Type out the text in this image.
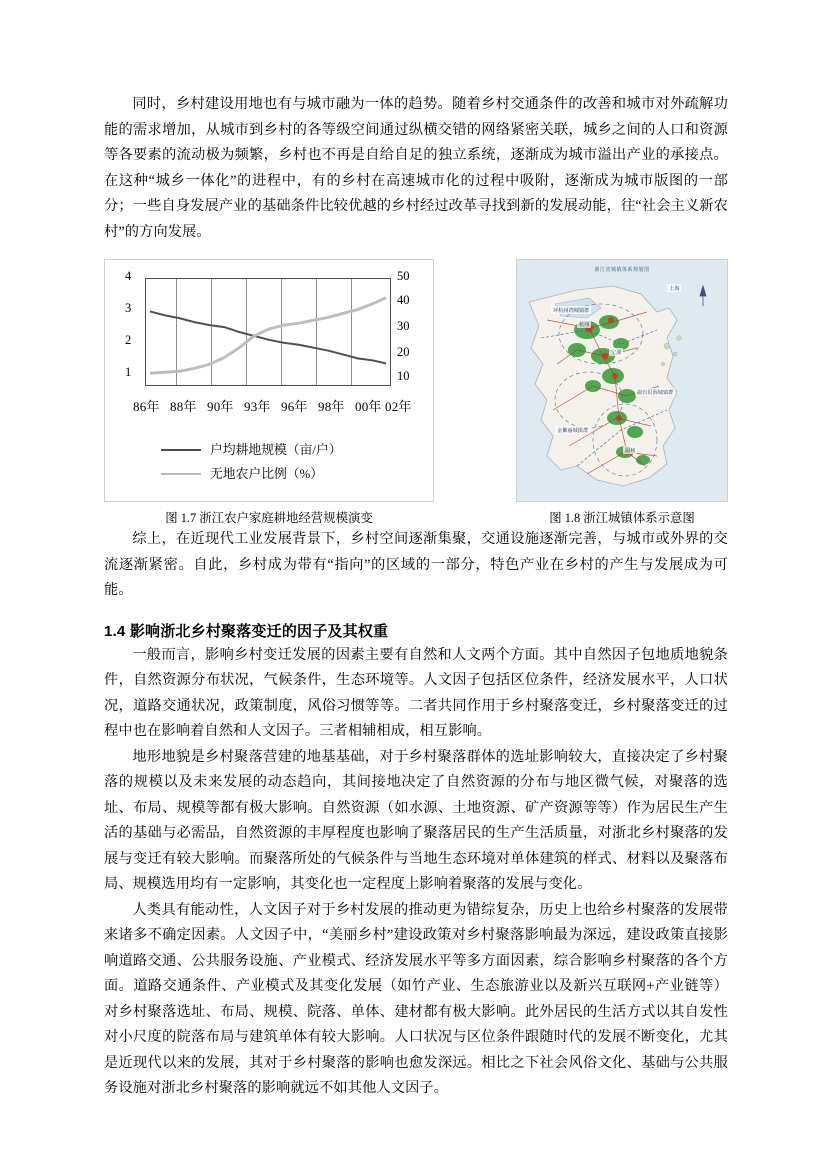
同时，乡村建设用地也有与城市融为一体的趋势。随着乡村交通条件的改善和城市对外疏解功能的需求增加，从城市到乡村的各等级空间通过纵横交错的网络紧密关联，城乡之间的人口和资源等各要素的流动极为频繁，乡村也不再是自给自足的独立系统，逐渐成为城市溢出产业的承接点。在这种“城乡一体化”的进程中，有的乡村在高速城市化的过程中吸附，逐渐成为城市版图的一部分；一些自身发展产业的基础条件比较优越的乡村经过改革寻找到新的发展动能，往“社会主义新农村”的方向发展。

4
3
2
1
50
40
30
20
10
86年 88年 90年 93年 96年 98年 00年 02年
户均耕地规模（亩/户）
无地农户比例（%）
图 1.7 浙江农户家庭耕地经营规模演变
浙江省城镇体系规划图
环杭州湾城镇群
温台沿海城镇群
金衢丽城镇群
上海
杭州
宁波
温州
图 1.8 浙江城镇体系示意图

综上，在近现代工业发展背景下，乡村空间逐渐集聚，交通设施逐渐完善，与城市或外界的交流逐渐紧密。自此，乡村成为带有“指向”的区域的一部分，特色产业在乡村的产生与发展成为可能。

1.4 影响浙北乡村聚落变迁的因子及其权重

一般而言，影响乡村变迁发展的因素主要有自然和人文两个方面。其中自然因子包地质地貌条件，自然资源分布状况，气候条件，生态环境等。人文因子包括区位条件，经济发展水平，人口状况，道路交通状况，政策制度，风俗习惯等等。二者共同作用于乡村聚落变迁，乡村聚落变迁的过程中也在影响着自然和人文因子。三者相辅相成，相互影响。

地形地貌是乡村聚落营建的地基基础，对于乡村聚落群体的选址影响较大，直接决定了乡村聚落的规模以及未来发展的动态趋向，其间接地决定了自然资源的分布与地区微气候，对聚落的选址、布局、规模等都有极大影响。自然资源（如水源、土地资源、矿产资源等等）作为居民生产生活的基础与必需品，自然资源的丰厚程度也影响了聚落居民的生产生活质量，对浙北乡村聚落的发展与变迁有较大影响。而聚落所处的气候条件与当地生态环境对单体建筑的样式、材料以及聚落布局、规模选用均有一定影响，其变化也一定程度上影响着聚落的发展与变化。

人类具有能动性，人文因子对于乡村发展的推动更为错综复杂，历史上也给乡村聚落的发展带来诸多不确定因素。人文因子中，“美丽乡村”建设政策对乡村聚落影响最为深远，建设政策直接影响道路交通、公共服务设施、产业模式、经济发展水平等多方面因素，综合影响乡村聚落的各个方面。道路交通条件、产业模式及其变化发展（如竹产业、生态旅游业以及新兴互联网+产业链等）对乡村聚落选址、布局、规模、院落、单体、建材都有极大影响。此外居民的生活方式以其自发性对小尺度的院落布局与建筑单体有较大影响。人口状况与区位条件跟随时代的发展不断变化，尤其是近现代以来的发展，其对于乡村聚落的影响也愈发深远。相比之下社会风俗文化、基础与公共服务设施对浙北乡村聚落的影响就远不如其他人文因子。
